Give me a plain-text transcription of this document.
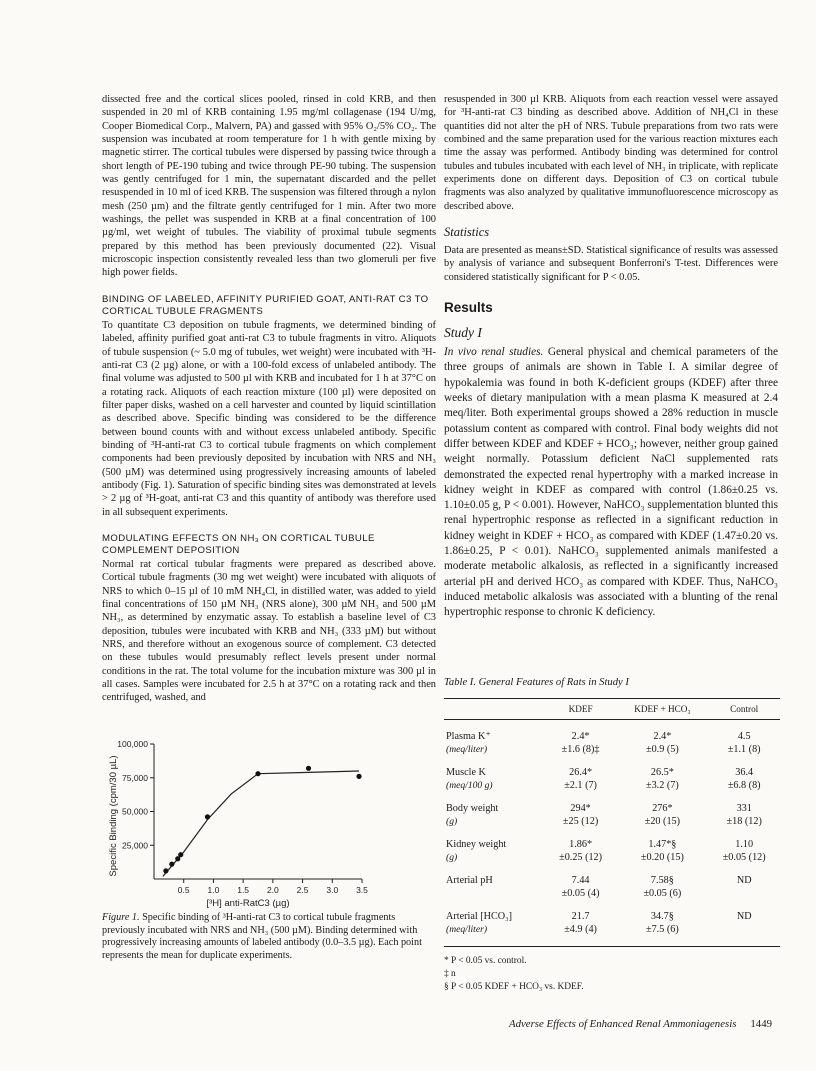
dissected free and the cortical slices pooled, rinsed in cold KRB, and then suspended in 20 ml of KRB containing 1.95 mg/ml collagenase (194 U/mg, Cooper Biomedical Corp., Malvern, PA) and gassed with 95% O₂/5% CO₂. The suspension was incubated at room temperature for 1 h with gentle mixing by magnetic stirrer. The cortical tubules were dispersed by passing twice through a short length of PE-190 tubing and twice through PE-90 tubing. The suspension was gently centrifuged for 1 min, the supernatant discarded and the pellet resuspended in 10 ml of iced KRB. The suspension was filtered through a nylon mesh (250 µm) and the filtrate gently centrifuged for 1 min. After two more washings, the pellet was suspended in KRB at a final concentration of 100 µg/ml, wet weight of tubules. The viability of proximal tubule segments prepared by this method has been previously documented (22). Visual microscopic inspection consistently revealed less than two glomeruli per five high power fields.

BINDING OF LABELED, AFFINITY PURIFIED GOAT, ANTI-RAT C3 TO CORTICAL TUBULE FRAGMENTS

To quantitate C3 deposition on tubule fragments, we determined binding of labeled, affinity purified goat anti-rat C3 to tubule fragments in vitro. Aliquots of tubule suspension (~ 5.0 mg of tubules, wet weight) were incubated with ³H-anti-rat C3 (2 µg) alone, or with a 100-fold excess of unlabeled antibody. The final volume was adjusted to 500 µl with KRB and incubated for 1 h at 37°C on a rotating rack. Aliquots of each reaction mixture (100 µl) were deposited on filter paper disks, washed on a cell harvester and counted by liquid scintillation as described above. Specific binding was considered to be the difference between bound counts with and without excess unlabeled antibody. Specific binding of ³H-anti-rat C3 to cortical tubule fragments on which complement components had been previously deposited by incubation with NRS and NH₃ (500 µM) was determined using progressively increasing amounts of labeled antibody (Fig. 1). Saturation of specific binding sites was demonstrated at levels > 2 µg of ³H-goat, anti-rat C3 and this quantity of antibody was therefore used in all subsequent experiments.

MODULATING EFFECTS ON NH₃ ON CORTICAL TUBULE COMPLEMENT DEPOSITION

Normal rat cortical tubular fragments were prepared as described above. Cortical tubule fragments (30 mg wet weight) were incubated with aliquots of NRS to which 0–15 µl of 10 mM NH₄Cl, in distilled water, was added to yield final concentrations of 150 µM NH₃ (NRS alone), 300 µM NH₃ and 500 µM NH₃, as determined by enzymatic assay. To establish a baseline level of C3 deposition, tubules were incubated with KRB and NH₃ (333 µM) but without NRS, and therefore without an exogenous source of complement. C3 detected on these tubules would presumably reflect levels present under normal conditions in the rat. The total volume for the incubation mixture was 300 µl in all cases. Samples were incubated for 2.5 h at 37°C on a rotating rack and then centrifuged, washed, and

25,000
50,000
75,000
100,000
0.5 1.0 1.5 2.0 2.5 3.0 3.5
Specific Binding (cpm/30 µL)
[³H] anti-RatC3 (µg)

Figure 1. Specific binding of ³H-anti-rat C3 to cortical tubule fragments previously incubated with NRS and NH₃ (500 µM). Binding determined with progressively increasing amounts of labeled antibody (0.0–3.5 µg). Each point represents the mean for duplicate experiments.

resuspended in 300 µl KRB. Aliquots from each reaction vessel were assayed for ³H-anti-rat C3 binding as described above. Addition of NH₄Cl in these quantities did not alter the pH of NRS. Tubule preparations from two rats were combined and the same preparation used for the various reaction mixtures each time the assay was performed. Antibody binding was determined for control tubules and tubules incubated with each level of NH₃ in triplicate, with replicate experiments done on different days. Deposition of C3 on cortical tubule fragments was also analyzed by qualitative immunofluorescence microscopy as described above.

Statistics

Data are presented as means±SD. Statistical significance of results was assessed by analysis of variance and subsequent Bonferroni's T-test. Differences were considered statistically significant for P < 0.05.

Results

Study I

In vivo renal studies. General physical and chemical parameters of the three groups of animals are shown in Table I. A similar degree of hypokalemia was found in both K-deficient groups (KDEF) after three weeks of dietary manipulation with a mean plasma K measured at 2.4 meq/liter. Both experimental groups showed a 28% reduction in muscle potassium content as compared with control. Final body weights did not differ between KDEF and KDEF + HCO₃; however, neither group gained weight normally. Potassium deficient NaCl supplemented rats demonstrated the expected renal hypertrophy with a marked increase in kidney weight in KDEF as compared with control (1.86±0.25 vs. 1.10±0.05 g, P < 0.001). However, NaHCO₃ supplementation blunted this renal hypertrophic response as reflected in a significant reduction in kidney weight in KDEF + HCO₃ as compared with KDEF (1.47±0.20 vs. 1.86±0.25, P < 0.01). NaHCO₃ supplemented animals manifested a moderate metabolic alkalosis, as reflected in a significantly increased arterial pH and derived HCO₃ as compared with KDEF. Thus, NaHCO₃ induced metabolic alkalosis was associated with a blunting of the renal hypertrophic response to chronic K deficiency.

Table I. General Features of Rats in Study I

	KDEF	KDEF + HCO₃	Control
Plasma K⁺	2.4*	2.4*	4.5
(meq/liter)	±1.6 (8)‡	±0.9 (5)	±1.1 (8)
Muscle K	26.4*	26.5*	36.4
(meq/100 g)	±2.1 (7)	±3.2 (7)	±6.8 (8)
Body weight	294*	276*	331
(g)	±25 (12)	±20 (15)	±18 (12)
Kidney weight	1.86*	1.47*§	1.10
(g)	±0.25 (12)	±0.20 (15)	±0.05 (12)
Arterial pH	7.44	7.58§	ND
	±0.05 (4)	±0.05 (6)	
Arterial [HCO₃]	21.7	34.7§	ND
(meq/liter)	±4.9 (4)	±7.5 (6)	

* P < 0.05 vs. control.
‡ n
§ P < 0.05 KDEF + HCO₃ vs. KDEF.
Adverse Effects of Enhanced Renal Ammoniagenesis 1449
